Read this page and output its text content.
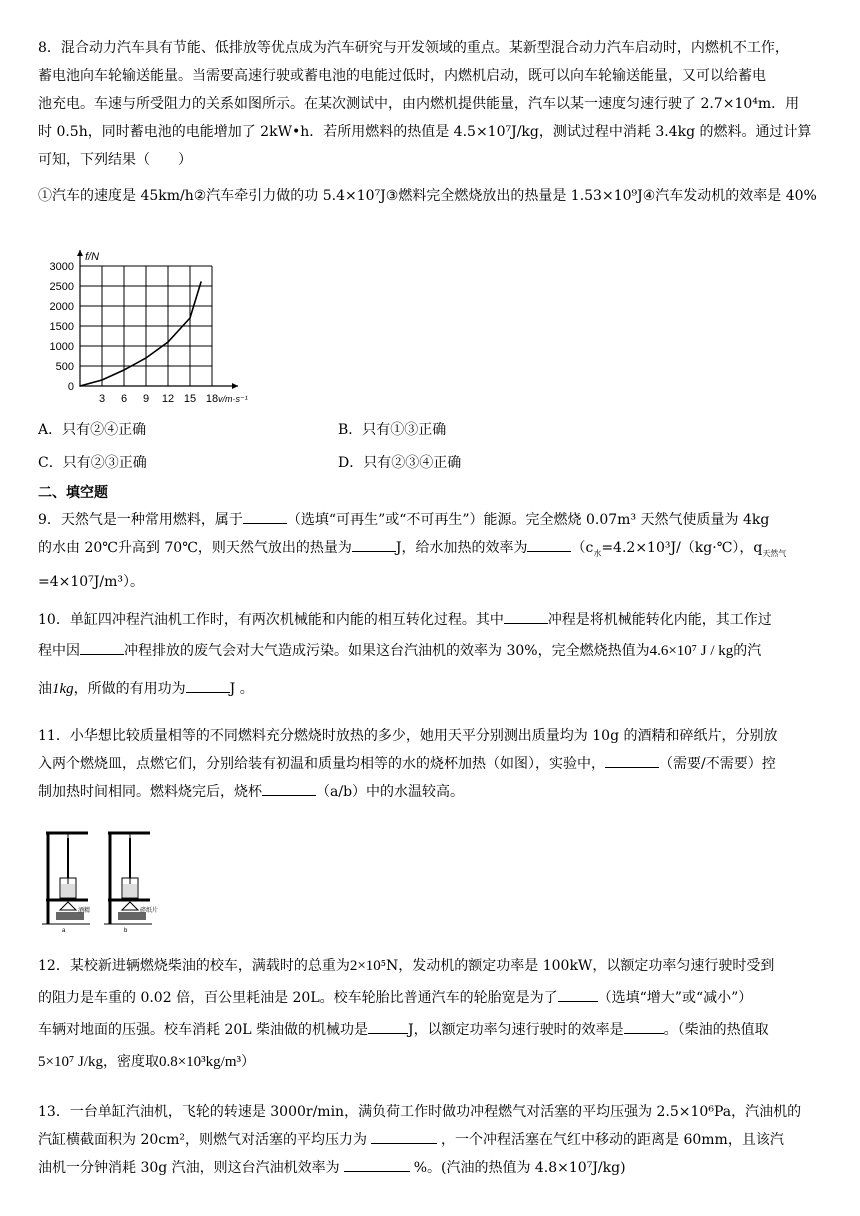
8．混合动力汽车具有节能、低排放等优点成为汽车研究与开发领域的重点。某新型混合动力汽车启动时，内燃机不工作，

蓄电池向车轮输送能量。当需要高速行驶或蓄电池的电能过低时，内燃机启动，既可以向车轮输送能量，又可以给蓄电

池充电。车速与所受阻力的关系如图所示。在某次测试中，由内燃机提供能量，汽车以某一速度匀速行驶了 2.7×10⁴m．用

时 0.5h，同时蓄电池的电能增加了 2kW•h．若所用燃料的热值是 4.5×10⁷J/kg，测试过程中消耗 3.4kg 的燃料。通过计算

可知，下列结果（　　）

①汽车的速度是 45km/h②汽车牵引力做的功 5.4×10⁷J③燃料完全燃烧放出的热量是 1.53×10⁹J④汽车发动机的效率是 40%

3000
2500
2000
1500
1000
500
0
3 6 9 12 15 18
f/N
v/m·s⁻¹
A．只有②④正确	B．只有①③正确
C．只有②③正确	D．只有②③④正确
二、填空题

9．天然气是一种常用燃料，属于	（选填“可再生”或“不可再生”）能源。完全燃烧 0.07m³ 天然气使质量为 4kg

的水由 20℃升高到 70℃，则天然气放出的热量为	J，给水加热的效率为	（$c_水=4.2\times 10^3J/(kg\cdot℃)$，$q_{天然气}$

=4×10⁷J/m³）。

10．单缸四冲程汽油机工作时，有两次机械能和内能的相互转化过程。其中	冲程是将机械能转化内能，其工作过

程中因	冲程排放的废气会对大气造成污染。如果这台汽油机的效率为 30%，完全燃烧热值为4.6×10⁷ J / kg的汽

油1kg，所做的有用功为	J 。

11．小华想比较质量相等的不同燃料充分燃烧时放热的多少，她用天平分别测出质量均为 10g 的酒精和碎纸片，分别放

入两个燃烧皿，点燃它们，分别给装有初温和质量均相等的水的烧杯加热（如图），实验中，	（需要/不需要）控

制加热时间相同。燃料烧完后，烧杯	（a/b）中的水温较高。

酒精
a
碎纸片
b

12．某校新进辆燃烧柴油的校车，满载时的总重为2×10⁵N，发动机的额定功率是 100kW，以额定功率匀速行驶时受到

的阻力是车重的 0.02 倍，百公里耗油是 20L。校车轮胎比普通汽车的轮胎宽是为了	（选填“增大”或“减小”）

车辆对地面的压强。校车消耗 20L 柴油做的机械功是	J，以额定功率匀速行驶时的效率是	。（柴油的热值取

5×10⁷ J/kg，密度取0.8×10³kg/m³）

13．一台单缸汽油机，飞轮的转速是 3000r/min，满负荷工作时做功冲程燃气对活塞的平均压强为 2.5×10⁶Pa，汽油机的

汽缸横截面积为 20cm²，则燃气对活塞的平均压力为	，一个冲程活塞在气红中移动的距离是 60mm，且该汽

油机一分钟消耗 30g 汽油，则这台汽油机效率为	%。(汽油的热值为 4.8×10⁷J/kg)
